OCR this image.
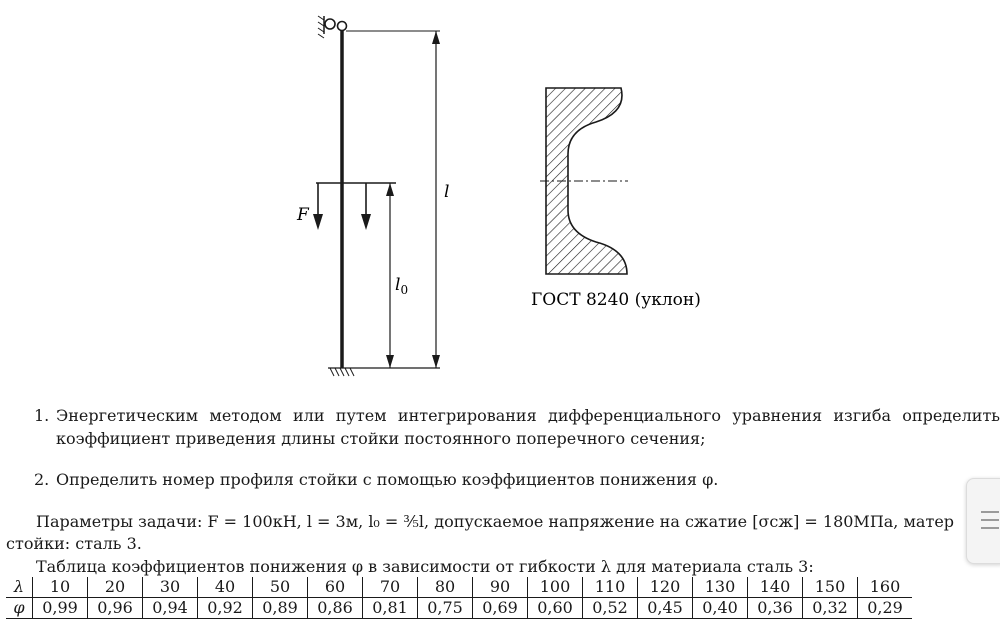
F
l
$l_0$	ГОСТ 8240 (уклон)
1. Энергетическим методом или путем интегрирования дифференциального уравнения изгиба определить коэффициент приведения длины стойки постоянного поперечного сечения;
2. Определить номер профиля стойки с помощью коэффициентов понижения φ.
Параметры задачи: F = 100кН, l = 3м, l₀ = ³⁄₅l, допускаемое напряжение на сжатие [σсж] = 180МПа, матер
стойки: сталь 3.
Таблица коэффициентов понижения φ в зависимости от гибкости λ для материала сталь 3:
λ	10	20	30	40	50	60	70	80	90	100	110	120	130	140	150	160
φ	0,99	0,96	0,94	0,92	0,89	0,86	0,81	0,75	0,69	0,60	0,52	0,45	0,40	0,36	0,32	0,29
